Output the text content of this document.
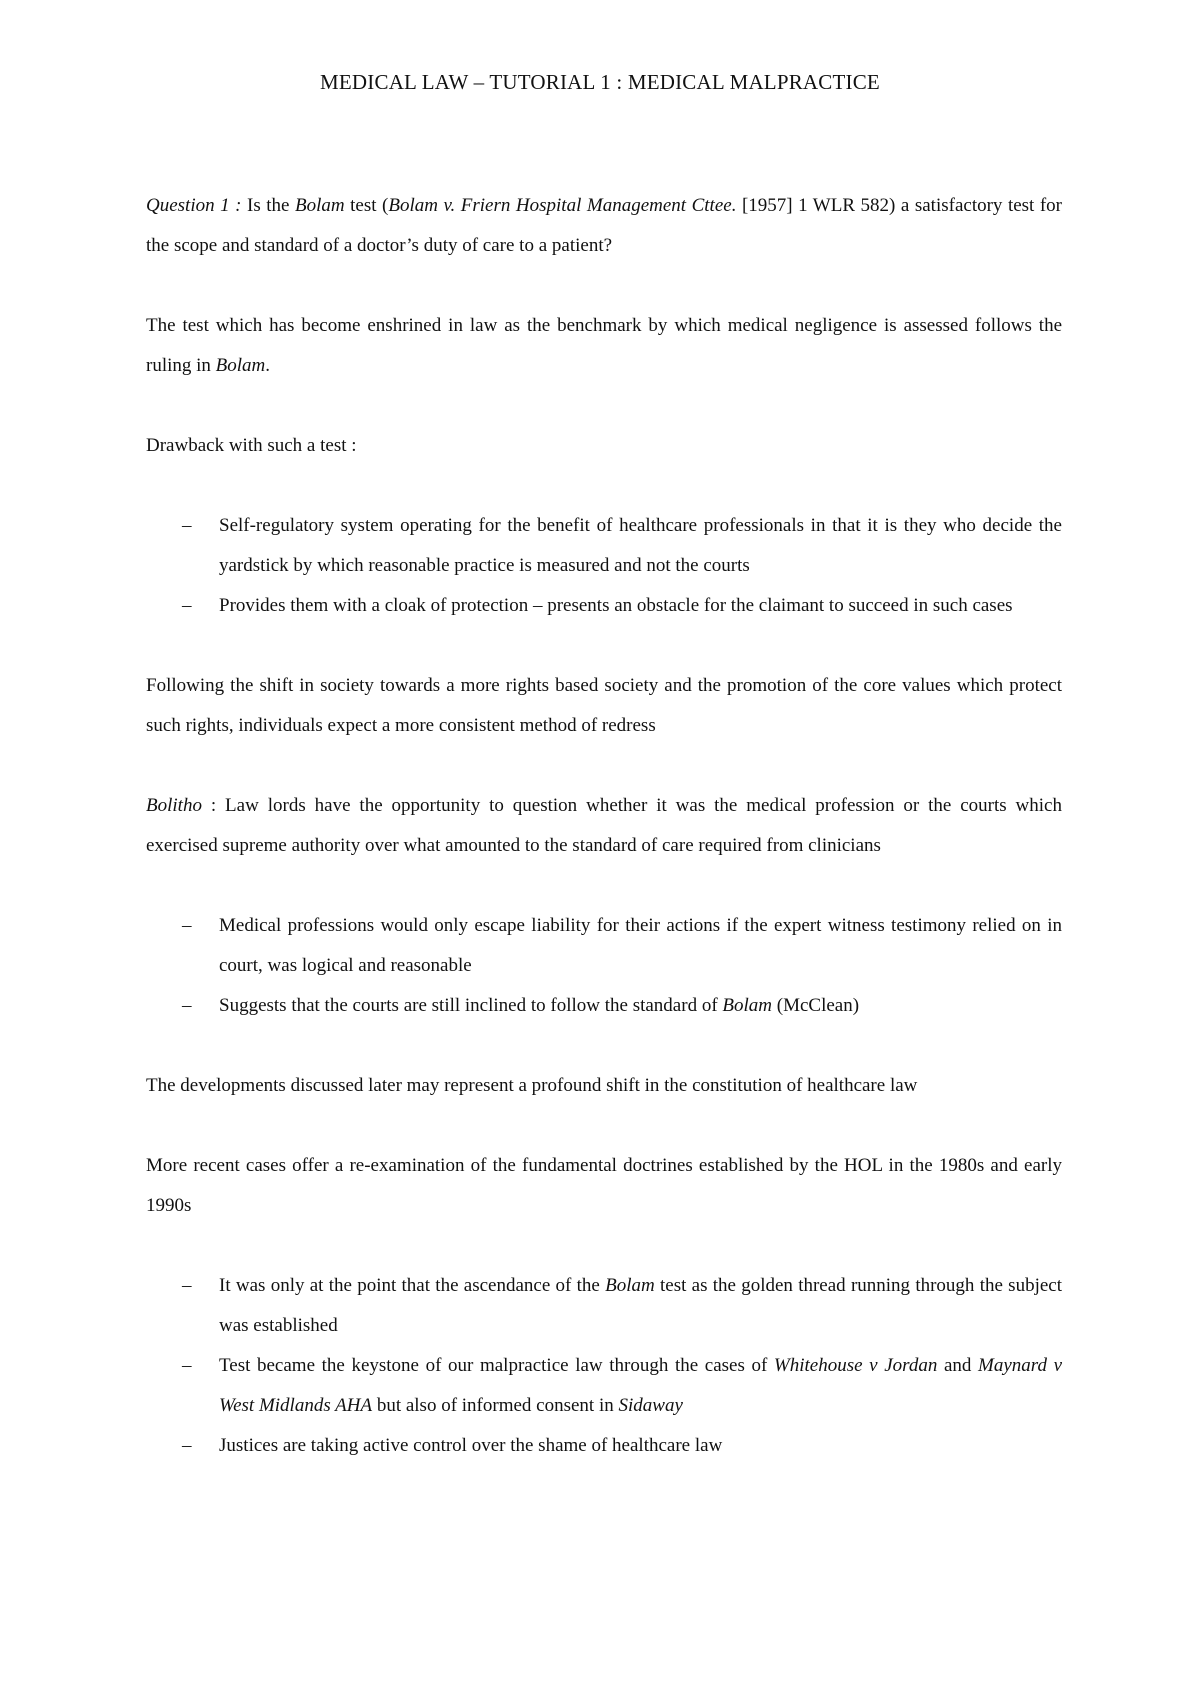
MEDICAL LAW – TUTORIAL 1 : MEDICAL MALPRACTICE

Question 1 : Is the Bolam test (Bolam v. Friern Hospital Management Cttee. [1957] 1 WLR 582) a satisfactory test for the scope and standard of a doctor’s duty of care to a patient?

The test which has become enshrined in law as the benchmark by which medical negligence is assessed follows the ruling in Bolam.

Drawback with such a test :

– Self-regulatory system operating for the benefit of healthcare professionals in that it is they who decide the yardstick by which reasonable practice is measured and not the courts
– Provides them with a cloak of protection – presents an obstacle for the claimant to succeed in such cases

Following the shift in society towards a more rights based society and the promotion of the core values which protect such rights, individuals expect a more consistent method of redress

Bolitho : Law lords have the opportunity to question whether it was the medical profession or the courts which exercised supreme authority over what amounted to the standard of care required from clinicians

– Medical professions would only escape liability for their actions if the expert witness testimony relied on in court, was logical and reasonable
– Suggests that the courts are still inclined to follow the standard of Bolam (McClean)

The developments discussed later may represent a profound shift in the constitution of healthcare law

More recent cases offer a re-examination of the fundamental doctrines established by the HOL in the 1980s and early 1990s

– It was only at the point that the ascendance of the Bolam test as the golden thread running through the subject was established
– Test became the keystone of our malpractice law through the cases of Whitehouse v Jordan and Maynard v West Midlands AHA but also of informed consent in Sidaway
– Justices are taking active control over the shame of healthcare law
